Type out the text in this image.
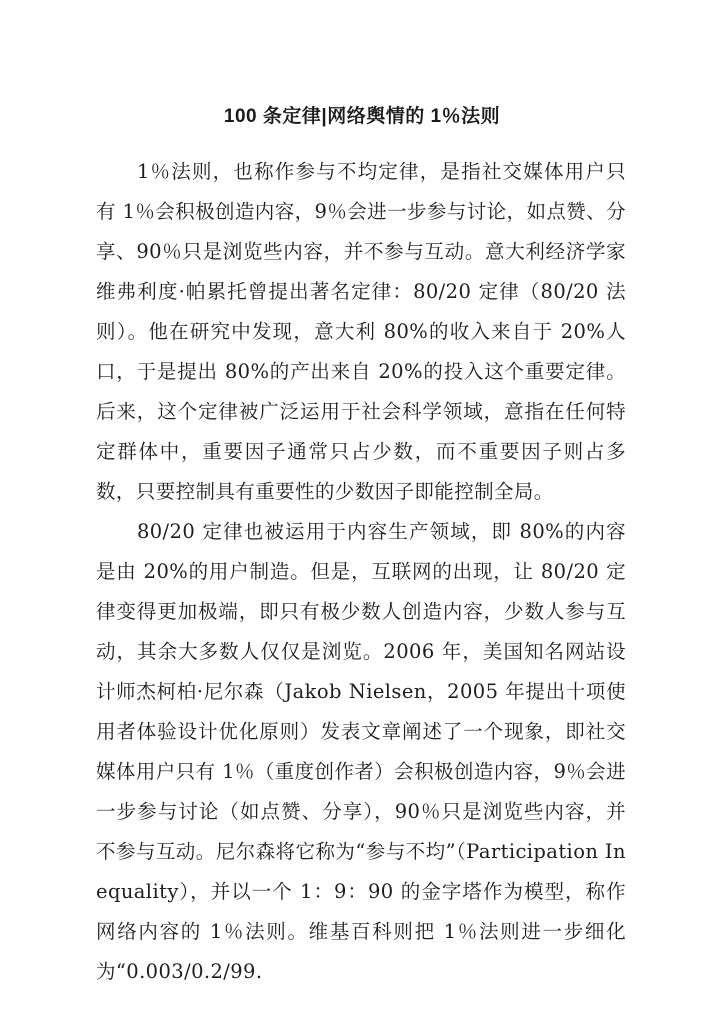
100 条定律|网络舆情的 1％法则

1％法则，也称作参与不均定律，是指社交媒体用户只有 1％会积极创造内容，9％会进一步参与讨论，如点赞、分享、90％只是浏览些内容，并不参与互动。意大利经济学家维弗利度·帕累托曾提出著名定律：80/20 定律（80/20 法则）。他在研究中发现，意大利 80%的收入来自于 20%人口，于是提出 80%的产出来自 20%的投入这个重要定律。后来，这个定律被广泛运用于社会科学领域，意指在任何特定群体中，重要因子通常只占少数，而不重要因子则占多数，只要控制具有重要性的少数因子即能控制全局。

80/20 定律也被运用于内容生产领域，即 80%的内容是由 20%的用户制造。但是，互联网的出现，让 80/20 定律变得更加极端，即只有极少数人创造内容，少数人参与互动，其余大多数人仅仅是浏览。2006 年，美国知名网站设计师杰柯柏·尼尔森（Jakob Nielsen，2005 年提出十项使用者体验设计优化原则）发表文章阐述了一个现象，即社交媒体用户只有 1％（重度创作者）会积极创造内容，9％会进一步参与讨论（如点赞、分享），90％只是浏览些内容，并不参与互动。尼尔森将它称为“参与不均”（Participation Inequality），并以一个 1：9：90 的金字塔作为模型，称作网络内容的 1％法则。维基百科则把 1％法则进一步细化为“0.003/0.2/99.
